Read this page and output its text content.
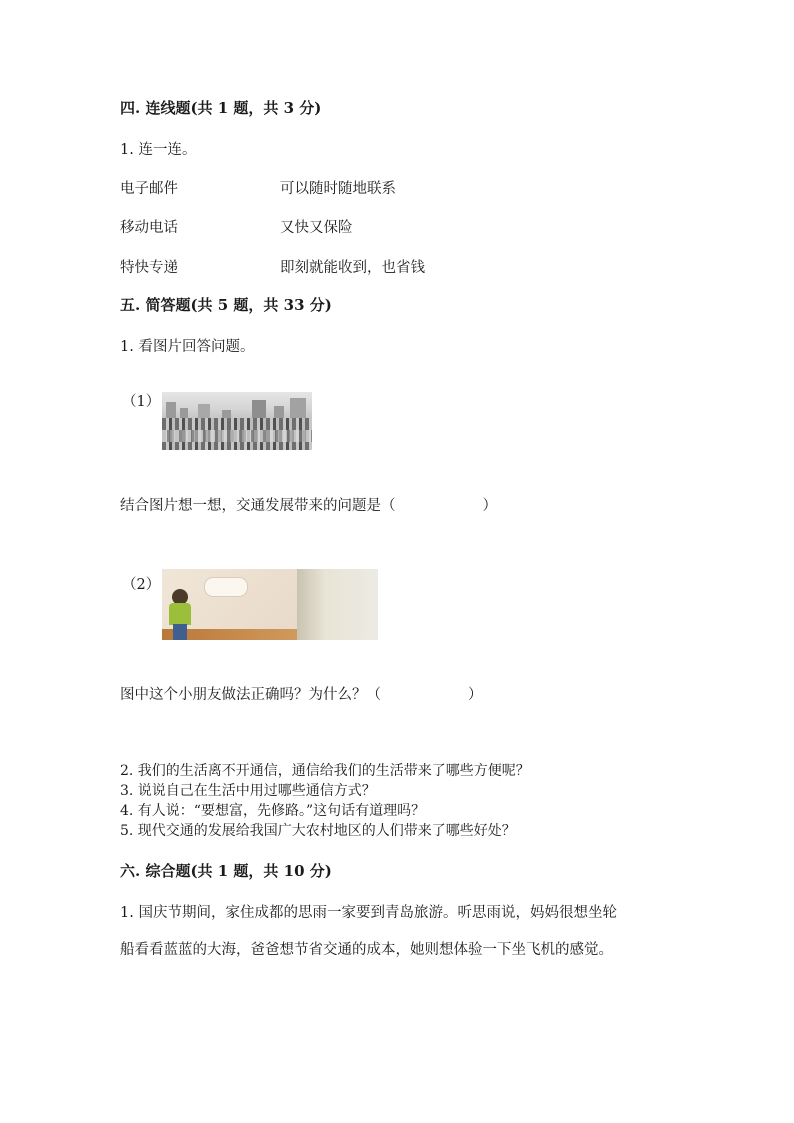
四. 连线题(共 1 题，共 3 分)
1. 连一连。
电子邮件	可以随时随地联系
移动电话	又快又保险
特快专递	即刻就能收到，也省钱
五. 简答题(共 5 题，共 33 分)
1. 看图片回答问题。
（1）
结合图片想一想，交通发展带来的问题是（　　　　　　）
（2）
图中这个小朋友做法正确吗？为什么？（　　　　　　）
2. 我们的生活离不开通信，通信给我们的生活带来了哪些方便呢？
3. 说说自己在生活中用过哪些通信方式？
4. 有人说：“要想富，先修路。”这句话有道理吗？
5. 现代交通的发展给我国广大农村地区的人们带来了哪些好处？
六. 综合题(共 1 题，共 10 分)
1. 国庆节期间，家住成都的思雨一家要到青岛旅游。听思雨说，妈妈很想坐轮
船看看蓝蓝的大海，爸爸想节省交通的成本，她则想体验一下坐飞机的感觉。
